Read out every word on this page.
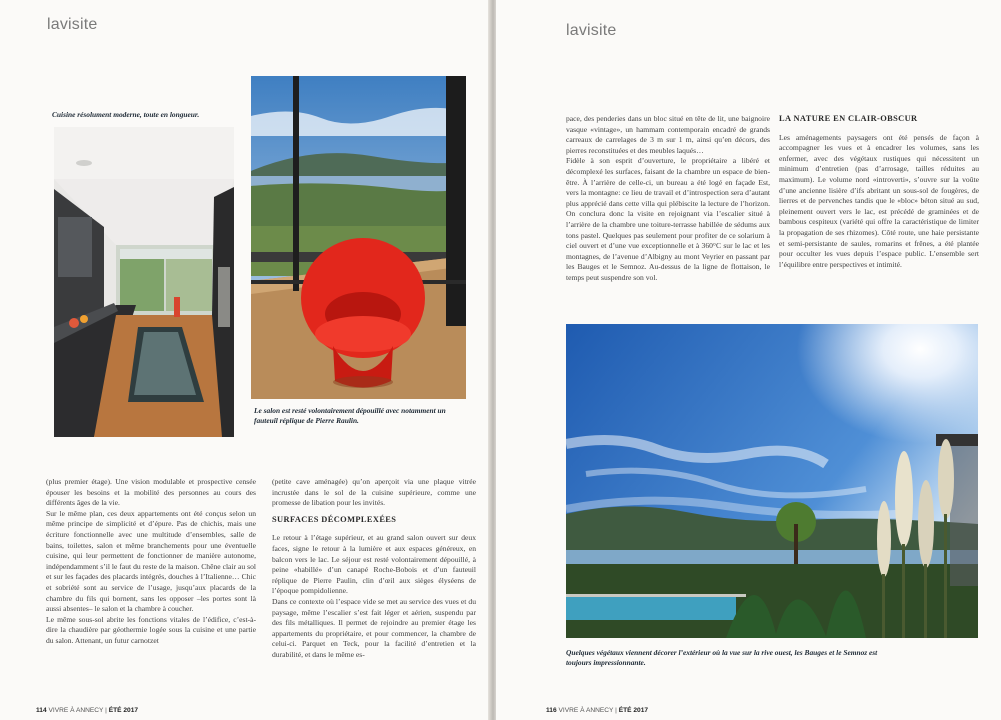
lavisite
Cuisine résolument moderne, toute en longueur.
Le salon est resté volontairement dépouillé avec notamment un fauteuil réplique de Pierre Raulin.

(plus premier étage). Une vision modulable et prospective censée épouser les besoins et la mobilité des personnes au cours des différents âges de la vie.

Sur le même plan, ces deux appartements ont été conçus selon un même principe de simplicité et d’épure. Pas de chichis, mais une écriture fonctionnelle avec une multitude d’ensembles, salle de bains, toilettes, salon et même branchements pour une éventuelle cuisine, qui leur permettent de fonctionner de manière autonome, indépendamment s’il le faut du reste de la maison. Chêne clair au sol et sur les façades des placards intégrés, douches à l’Italienne… Chic et sobriété sont au service de l’usage, jusqu’aux placards de la chambre du fils qui bornent, sans les opposer –les portes sont là aussi absentes– le salon et la chambre à coucher.

Le même sous-sol abrite les fonctions vitales de l’édifice, c’est-à-dire la chaudière par géothermie logée sous la cuisine et une partie du salon. Attenant, un futur carnotzet

(petite cave aménagée) qu’on aperçoit via une plaque vitrée incrustée dans le sol de la cuisine supérieure, comme une promesse de libation pour les invités.

SURFACES DÉCOMPLEXÉES

Le retour à l’étage supérieur, et au grand salon ouvert sur deux faces, signe le retour à la lumière et aux espaces généreux, en balcon vers le lac. Le séjour est resté volontairement dépouillé, à peine «habillé» d’un canapé Roche-Bobois et d’un fauteuil réplique de Pierre Paulin, clin d’œil aux sièges élyséens de l’époque pompidolienne.

Dans ce contexte où l’espace vide se met au service des vues et du paysage, même l’escalier s’est fait léger et aérien, suspendu par des fils métalliques. Il permet de rejoindre au premier étage les appartements du propriétaire, et pour commencer, la chambre de celui-ci. Parquet en Teck, pour la facilité d’entretien et la durabilité, et dans le même es-

114 VIVRE À ANNECY | ÉTÉ 2017
lavisite

pace, des penderies dans un bloc situé en tête de lit, une baignoire vasque «vintage», un hammam contemporain encadré de grands carreaux de carrelages de 3 m sur 1 m, ainsi qu’en décors, des pierres reconstituées et des meubles laqués…

Fidèle à son esprit d’ouverture, le propriétaire a libéré et décomplexé les surfaces, faisant de la chambre un espace de bien-être. À l’arrière de celle-ci, un bureau a été logé en façade Est, vers la montagne: ce lieu de travail et d’introspection sera d’autant plus apprécié dans cette villa qui plébiscite la lecture de l’horizon. On conclura donc la visite en rejoignant via l’escalier situé à l’arrière de la chambre une toiture-terrasse habillée de sédums aux tons pastel. Quelques pas seulement pour profiter de ce solarium à ciel ouvert et d’une vue exceptionnelle et à 360°C sur le lac et les montagnes, de l’avenue d’Albigny au mont Veyrier en passant par les Bauges et le Semnoz. Au-dessus de la ligne de flottaison, le temps peut suspendre son vol.

LA NATURE EN CLAIR-OBSCUR

Les aménagements paysagers ont été pensés de façon à accompagner les vues et à encadrer les volumes, sans les enfermer, avec des végétaux rustiques qui nécessitent un minimum d’entretien (pas d’arrosage, tailles réduites au maximum). Le volume nord «introverti», s’ouvre sur la voûte d’une ancienne lisière d’ifs abritant un sous-sol de fougères, de lierres et de pervenches tandis que le «bloc» béton situé au sud, pleinement ouvert vers le lac, est précédé de graminées et de bambous cespiteux (variété qui offre la caractéristique de limiter la propagation de ses rhizomes). Côté route, une haie persistante et semi-persistante de saules, romarins et frênes, a été plantée pour occulter les vues depuis l’espace public. L’ensemble sert l’équilibre entre perspectives et intimité.

Quelques végétaux viennent décorer l’extérieur où la vue sur la rive ouest, les Bauges et le Semnoz est toujours impressionnante.
116 VIVRE À ANNECY | ÉTÉ 2017
